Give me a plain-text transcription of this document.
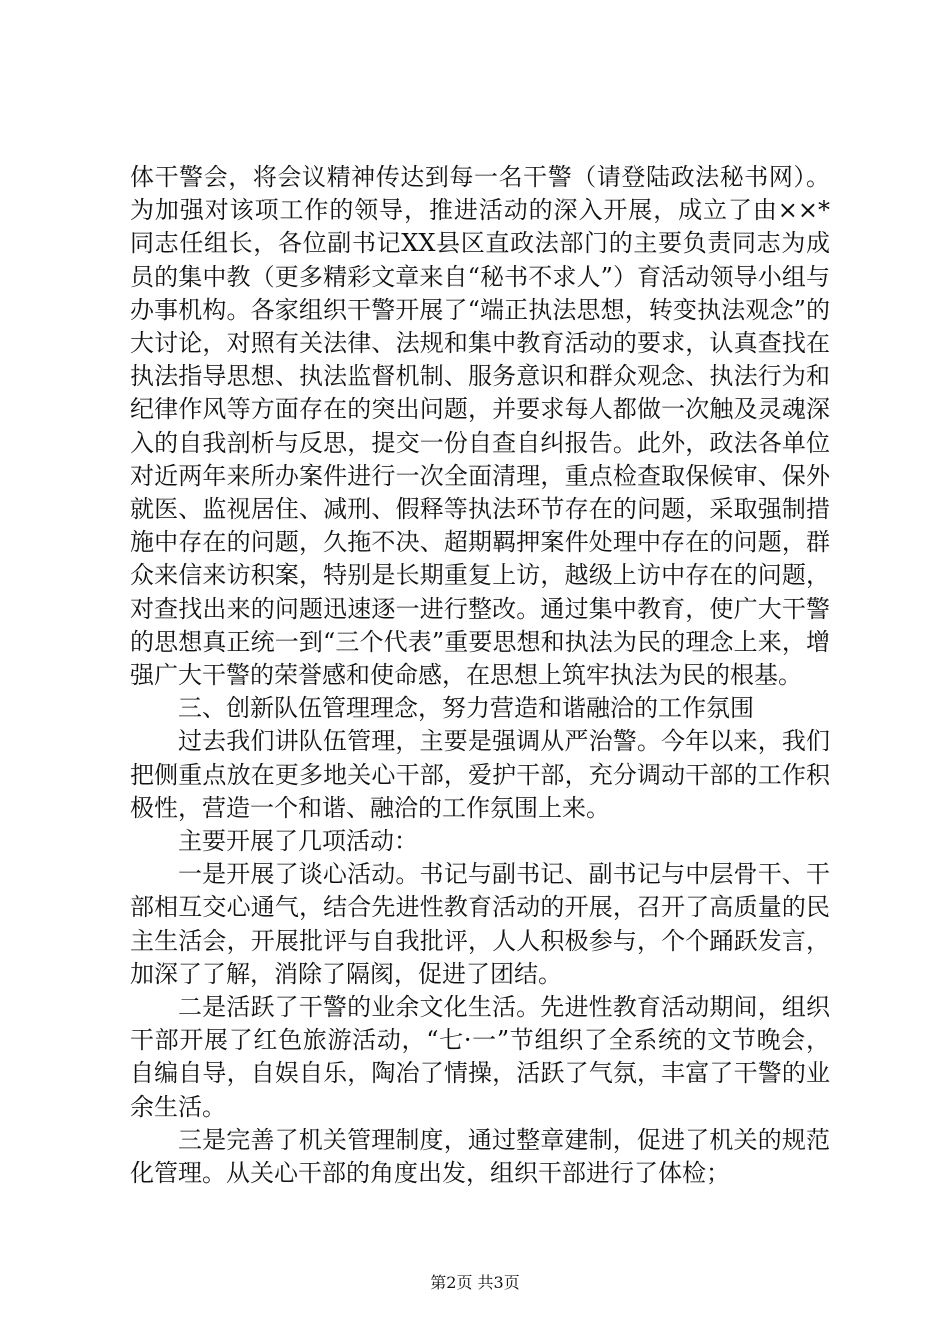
体干警会，将会议精神传达到每一名干警（请登陆政法秘书网）。为加强对该项工作的领导，推进活动的深入开展，成立了由××*同志任组长，各位副书记XX县区直政法部门的主要负责同志为成员的集中教（更多精彩文章来自“秘书不求人”）育活动领导小组与办事机构。各家组织干警开展了“端正执法思想，转变执法观念”的大讨论，对照有关法律、法规和集中教育活动的要求，认真查找在执法指导思想、执法监督机制、服务意识和群众观念、执法行为和纪律作风等方面存在的突出问题，并要求每人都做一次触及灵魂深入的自我剖析与反思，提交一份自查自纠报告。此外，政法各单位对近两年来所办案件进行一次全面清理，重点检查取保候审、保外就医、监视居住、减刑、假释等执法环节存在的问题，采取强制措施中存在的问题，久拖不决、超期羁押案件处理中存在的问题，群众来信来访积案，特别是长期重复上访，越级上访中存在的问题，对查找出来的问题迅速逐一进行整改。通过集中教育，使广大干警的思想真正统一到“三个代表”重要思想和执法为民的理念上来，增强广大干警的荣誉感和使命感，在思想上筑牢执法为民的根基。

三、创新队伍管理理念，努力营造和谐融洽的工作氛围

过去我们讲队伍管理，主要是强调从严治警。今年以来，我们把侧重点放在更多地关心干部，爱护干部，充分调动干部的工作积极性，营造一个和谐、融洽的工作氛围上来。

主要开展了几项活动：

一是开展了谈心活动。书记与副书记、副书记与中层骨干、干部相互交心通气，结合先进性教育活动的开展，召开了高质量的民主生活会，开展批评与自我批评，人人积极参与，个个踊跃发言，加深了了解，消除了隔阂，促进了团结。

二是活跃了干警的业余文化生活。先进性教育活动期间，组织干部开展了红色旅游活动，“七·一”节组织了全系统的文节晚会，自编自导，自娱自乐，陶冶了情操，活跃了气氛，丰富了干警的业余生活。

三是完善了机关管理制度，通过整章建制，促进了机关的规范化管理。从关心干部的角度出发，组织干部进行了体检；

第2页 共3页
